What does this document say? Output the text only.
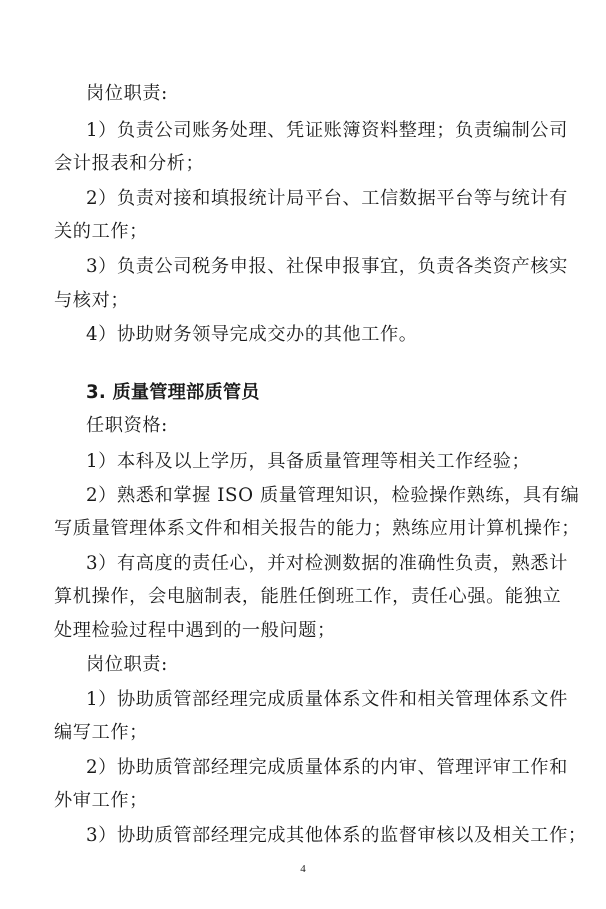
岗位职责:
1）负责公司账务处理、凭证账簿资料整理；负责编制公司
会计报表和分析；
2）负责对接和填报统计局平台、工信数据平台等与统计有
关的工作；
3）负责公司税务申报、社保申报事宜，负责各类资产核实
与核对；
4）协助财务领导完成交办的其他工作。
3. 质量管理部质管员
任职资格:
1）本科及以上学历，具备质量管理等相关工作经验；
2）熟悉和掌握 ISO 质量管理知识，检验操作熟练，具有编
写质量管理体系文件和相关报告的能力；熟练应用计算机操作；
3）有高度的责任心，并对检测数据的准确性负责，熟悉计
算机操作，会电脑制表，能胜任倒班工作，责任心强。能独立
处理检验过程中遇到的一般问题；
岗位职责:
1）协助质管部经理完成质量体系文件和相关管理体系文件
编写工作；
2）协助质管部经理完成质量体系的内审、管理评审工作和
外审工作；
3）协助质管部经理完成其他体系的监督审核以及相关工作；
4
